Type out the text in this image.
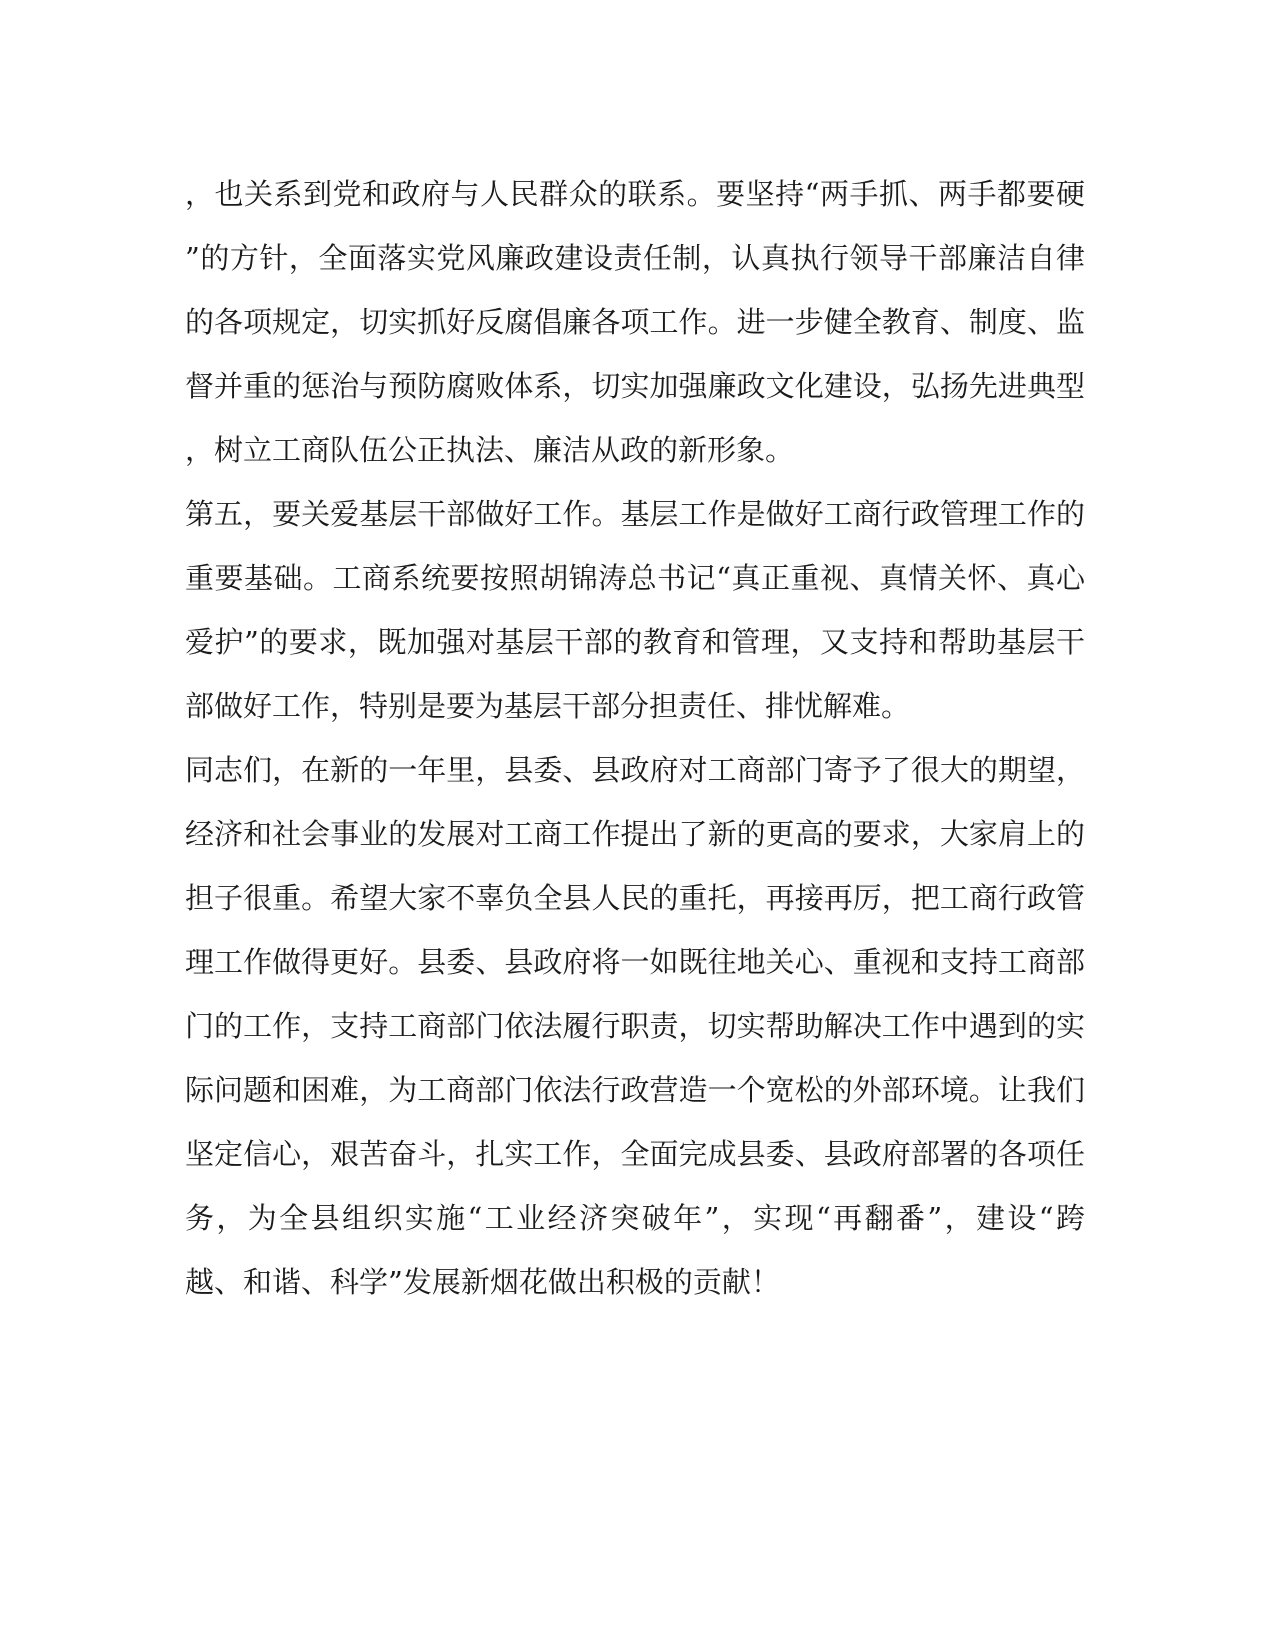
，也关系到党和政府与人民群众的联系。要坚持“两手抓、两手都要硬
”的方针，全面落实党风廉政建设责任制，认真执行领导干部廉洁自律
的各项规定，切实抓好反腐倡廉各项工作。进一步健全教育、制度、监
督并重的惩治与预防腐败体系，切实加强廉政文化建设，弘扬先进典型
，树立工商队伍公正执法、廉洁从政的新形象。
第五，要关爱基层干部做好工作。基层工作是做好工商行政管理工作的
重要基础。工商系统要按照胡锦涛总书记“真正重视、真情关怀、真心
爱护”的要求，既加强对基层干部的教育和管理，又支持和帮助基层干
部做好工作，特别是要为基层干部分担责任、排忧解难。
同志们，在新的一年里，县委、县政府对工商部门寄予了很大的期望，
经济和社会事业的发展对工商工作提出了新的更高的要求，大家肩上的
担子很重。希望大家不辜负全县人民的重托，再接再厉，把工商行政管
理工作做得更好。县委、县政府将一如既往地关心、重视和支持工商部
门的工作，支持工商部门依法履行职责，切实帮助解决工作中遇到的实
际问题和困难，为工商部门依法行政营造一个宽松的外部环境。让我们
坚定信心，艰苦奋斗，扎实工作，全面完成县委、县政府部署的各项任
务，为全县组织实施“工业经济突破年”，实现“再翻番”，建设“跨
越、和谐、科学”发展新烟花做出积极的贡献！
